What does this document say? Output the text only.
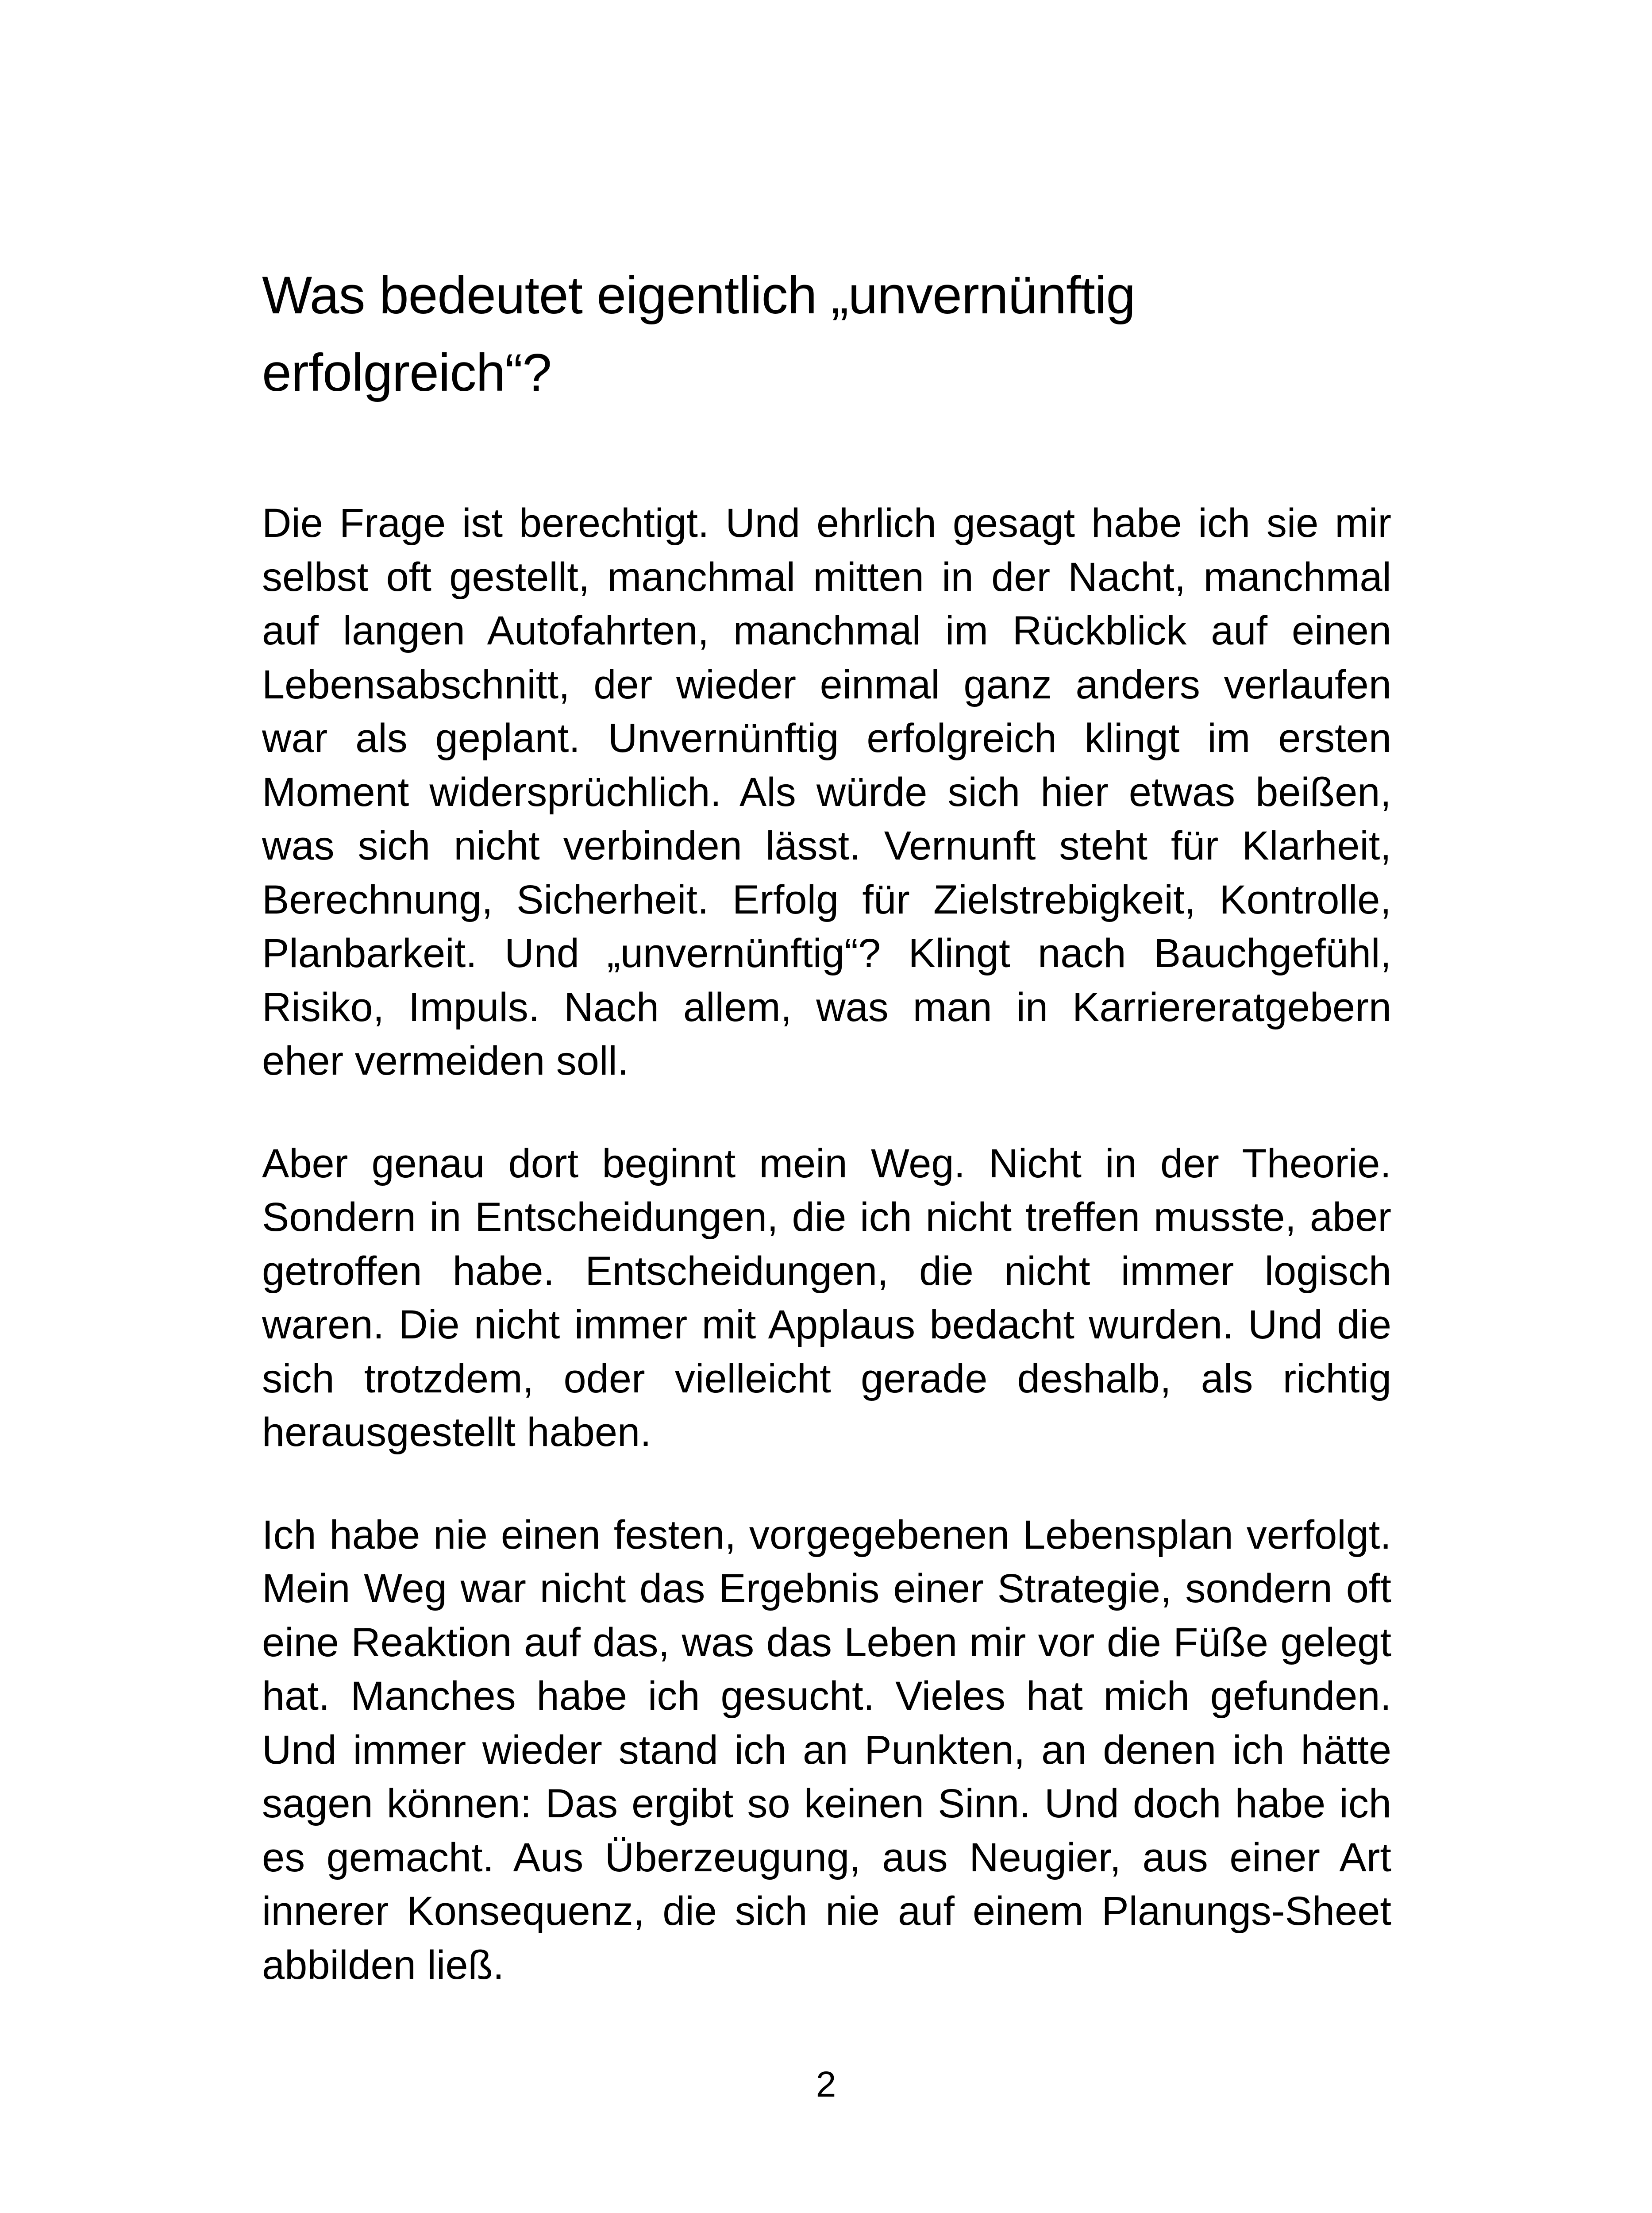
Was bedeutet eigentlich „unvernünftig erfolgreich“?

Die Frage ist berechtigt. Und ehrlich gesagt habe ich sie mir selbst oft gestellt, manchmal mitten in der Nacht, manchmal auf langen Autofahrten, manchmal im Rückblick auf einen Lebensabschnitt, der wieder einmal ganz anders verlaufen war als geplant. Unvernünftig erfolgreich klingt im ersten Moment widersprüchlich. Als würde sich hier etwas beißen, was sich nicht verbinden lässt. Vernunft steht für Klarheit, Berechnung, Sicherheit. Erfolg für Zielstrebigkeit, Kontrolle, Planbarkeit. Und „unvernünftig“? Klingt nach Bauchgefühl, Risiko, Impuls. Nach allem, was man in Karriereratgebern eher vermeiden soll.

Aber genau dort beginnt mein Weg. Nicht in der Theorie. Sondern in Entscheidungen, die ich nicht treffen musste, aber getroffen habe. Entscheidungen, die nicht immer logisch waren. Die nicht immer mit Applaus bedacht wurden. Und die sich trotzdem, oder vielleicht gerade deshalb, als richtig herausgestellt haben.

Ich habe nie einen festen, vorgegebenen Lebensplan verfolgt. Mein Weg war nicht das Ergebnis einer Strategie, sondern oft eine Reaktion auf das, was das Leben mir vor die Füße gelegt hat. Manches habe ich gesucht. Vieles hat mich gefunden. Und immer wieder stand ich an Punkten, an denen ich hätte sagen können: Das ergibt so keinen Sinn. Und doch habe ich es gemacht. Aus Überzeugung, aus Neugier, aus einer Art innerer Konsequenz, die sich nie auf einem Planungs-Sheet abbilden ließ.

2
